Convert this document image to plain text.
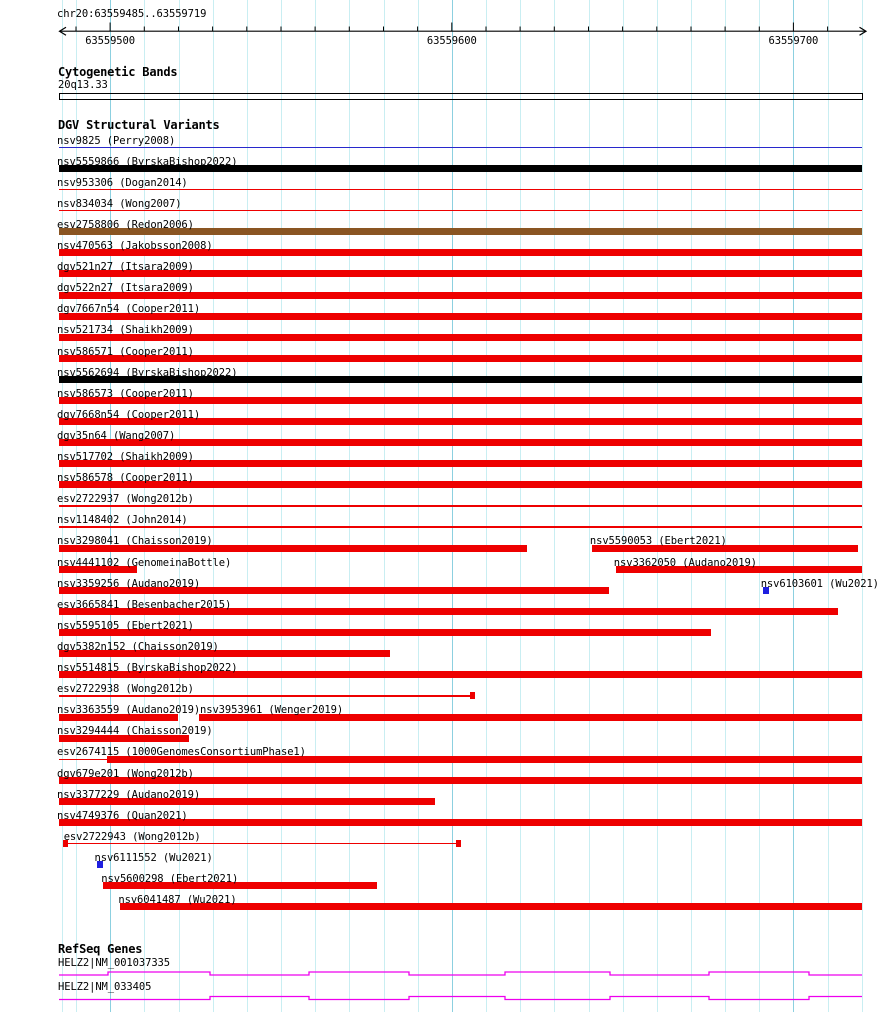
63559500	63559600	63559700
chr20:63559485..63559719
Cytogenetic Bands
20q13.33
DGV Structural Variants
nsv9825 (Perry2008)
nsv5559866 (ByrskaBishop2022)
nsv953306 (Dogan2014)
nsv834034 (Wong2007)
esv2758806 (Redon2006)
nsv470563 (Jakobsson2008)
dgv521n27 (Itsara2009)
dgv522n27 (Itsara2009)
dgv7667n54 (Cooper2011)
nsv521734 (Shaikh2009)
nsv586571 (Cooper2011)
nsv5562694 (ByrskaBishop2022)
nsv586573 (Cooper2011)
dgv7668n54 (Cooper2011)
dgv35n64 (Wang2007)
nsv517702 (Shaikh2009)
nsv586578 (Cooper2011)
esv2722937 (Wong2012b)
nsv1148402 (John2014)
nsv3298041 (Chaisson2019)	nsv5590053 (Ebert2021)
nsv4441102 (GenomeinaBottle)	nsv3362050 (Audano2019)
nsv3359256 (Audano2019)	nsv6103601 (Wu2021)
esv3665841 (Besenbacher2015)
nsv5595105 (Ebert2021)
dgv5382n152 (Chaisson2019)
nsv5514815 (ByrskaBishop2022)
esv2722938 (Wong2012b)
nsv3363559 (Audano2019) nsv3953961 (Wenger2019)
nsv3294444 (Chaisson2019)
esv2674115 (1000GenomesConsortiumPhase1)
dgv679e201 (Wong2012b)
nsv3377229 (Audano2019)
nsv4749376 (Quan2021)
esv2722943 (Wong2012b)
nsv6111552 (Wu2021)
nsv5600298 (Ebert2021)
nsv6041487 (Wu2021)
RefSeq Genes
HELZ2|NM_001037335
HELZ2|NM_033405
